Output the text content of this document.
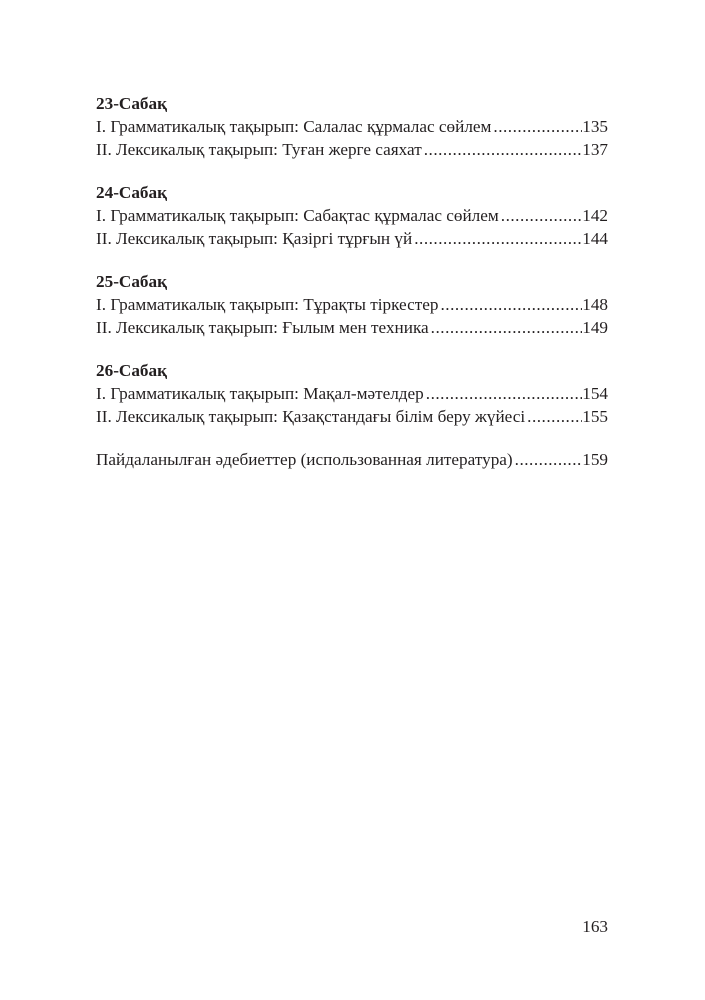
23-Сабақ
I. Грамматикалық тақырып: Салалас құрмалас сөйлем .....	135
II. Лексикалық тақырып: Туған жерге саяхат .....	137
24-Сабақ
I. Грамматикалық тақырып: Сабақтас құрмалас сөйлем .....	142
II. Лексикалық тақырып: Қазіргі тұрғын үй .....	144
25-Сабақ
I. Грамматикалық тақырып: Тұрақты тіркестер .....	148
II. Лексикалық тақырып: Ғылым мен техника .....	149
26-Сабақ
I. Грамматикалық тақырып: Мақал-мәтелдер .....	154
II. Лексикалық тақырып: Қазақстандағы білім беру жүйесі .....	155
Пайдаланылған әдебиеттер (использованная литература) .....	159
163
